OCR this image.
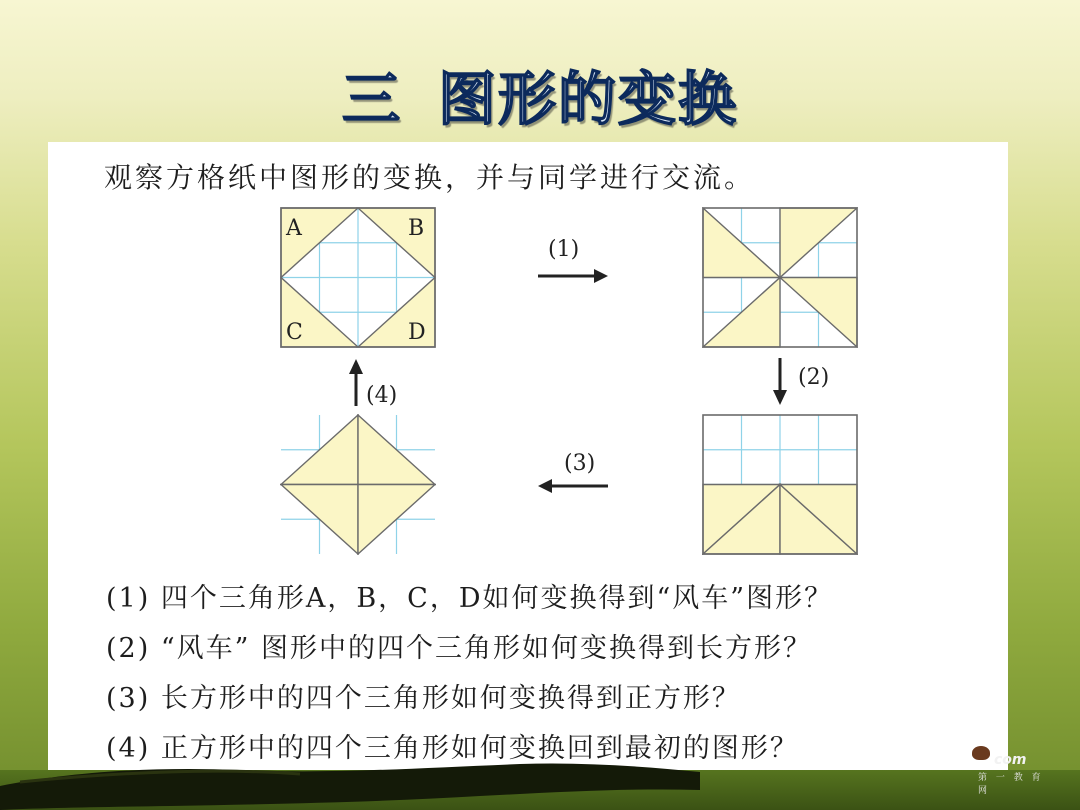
三 图形的变换
观察方格纸中图形的变换，并与同学进行交流。
A	B
C	D
(1)
(2)
(3)
(4)
(1) 四个三角形A，B，C，D如何变换得到“风车”图形？
(2) “风车” 图形中的四个三角形如何变换得到长方形？
(3) 长方形中的四个三角形如何变换得到正方形？
(4) 正方形中的四个三角形如何变换回到最初的图形？	com
第 一 教 育 网
